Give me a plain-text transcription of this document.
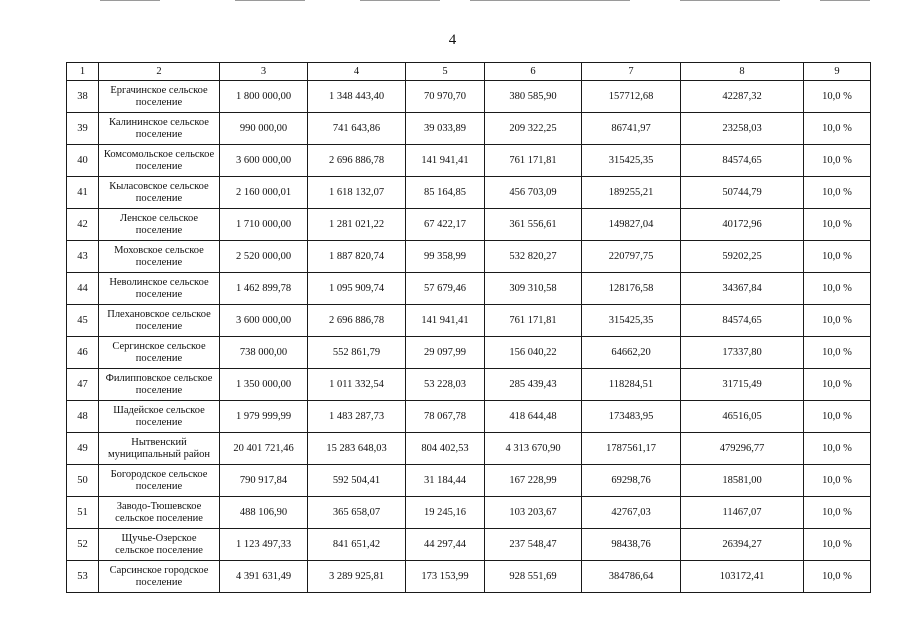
4
1	2	3	4	5	6	7	8	9
38	Ергачинское сельское поселение	1 800 000,00	1 348 443,40	70 970,70	380 585,90	157712,68	42287,32	10,0 %
39	Калининское сельское поселение	990 000,00	741 643,86	39 033,89	209 322,25	86741,97	23258,03	10,0 %
40	Комсомольское сельское поселение	3 600 000,00	2 696 886,78	141 941,41	761 171,81	315425,35	84574,65	10,0 %
41	Кыласовское сельское поселение	2 160 000,01	1 618 132,07	85 164,85	456 703,09	189255,21	50744,79	10,0 %
42	Ленское сельское поселение	1 710 000,00	1 281 021,22	67 422,17	361 556,61	149827,04	40172,96	10,0 %
43	Моховское сельское поселение	2 520 000,00	1 887 820,74	99 358,99	532 820,27	220797,75	59202,25	10,0 %
44	Неволинское сельское поселение	1 462 899,78	1 095 909,74	57 679,46	309 310,58	128176,58	34367,84	10,0 %
45	Плехановское сельское поселение	3 600 000,00	2 696 886,78	141 941,41	761 171,81	315425,35	84574,65	10,0 %
46	Сергинское сельское поселение	738 000,00	552 861,79	29 097,99	156 040,22	64662,20	17337,80	10,0 %
47	Филипповское сельское поселение	1 350 000,00	1 011 332,54	53 228,03	285 439,43	118284,51	31715,49	10,0 %
48	Шадейское сельское поселение	1 979 999,99	1 483 287,73	78 067,78	418 644,48	173483,95	46516,05	10,0 %
49	Нытвенский муниципальный район	20 401 721,46	15 283 648,03	804 402,53	4 313 670,90	1787561,17	479296,77	10,0 %
50	Богородское сельское поселение	790 917,84	592 504,41	31 184,44	167 228,99	69298,76	18581,00	10,0 %
51	Заводо-Тюшевское сельское поселение	488 106,90	365 658,07	19 245,16	103 203,67	42767,03	11467,07	10,0 %
52	Щучье-Озерское сельское поселение	1 123 497,33	841 651,42	44 297,44	237 548,47	98438,76	26394,27	10,0 %
53	Сарсинское городское поселение	4 391 631,49	3 289 925,81	173 153,99	928 551,69	384786,64	103172,41	10,0 %
